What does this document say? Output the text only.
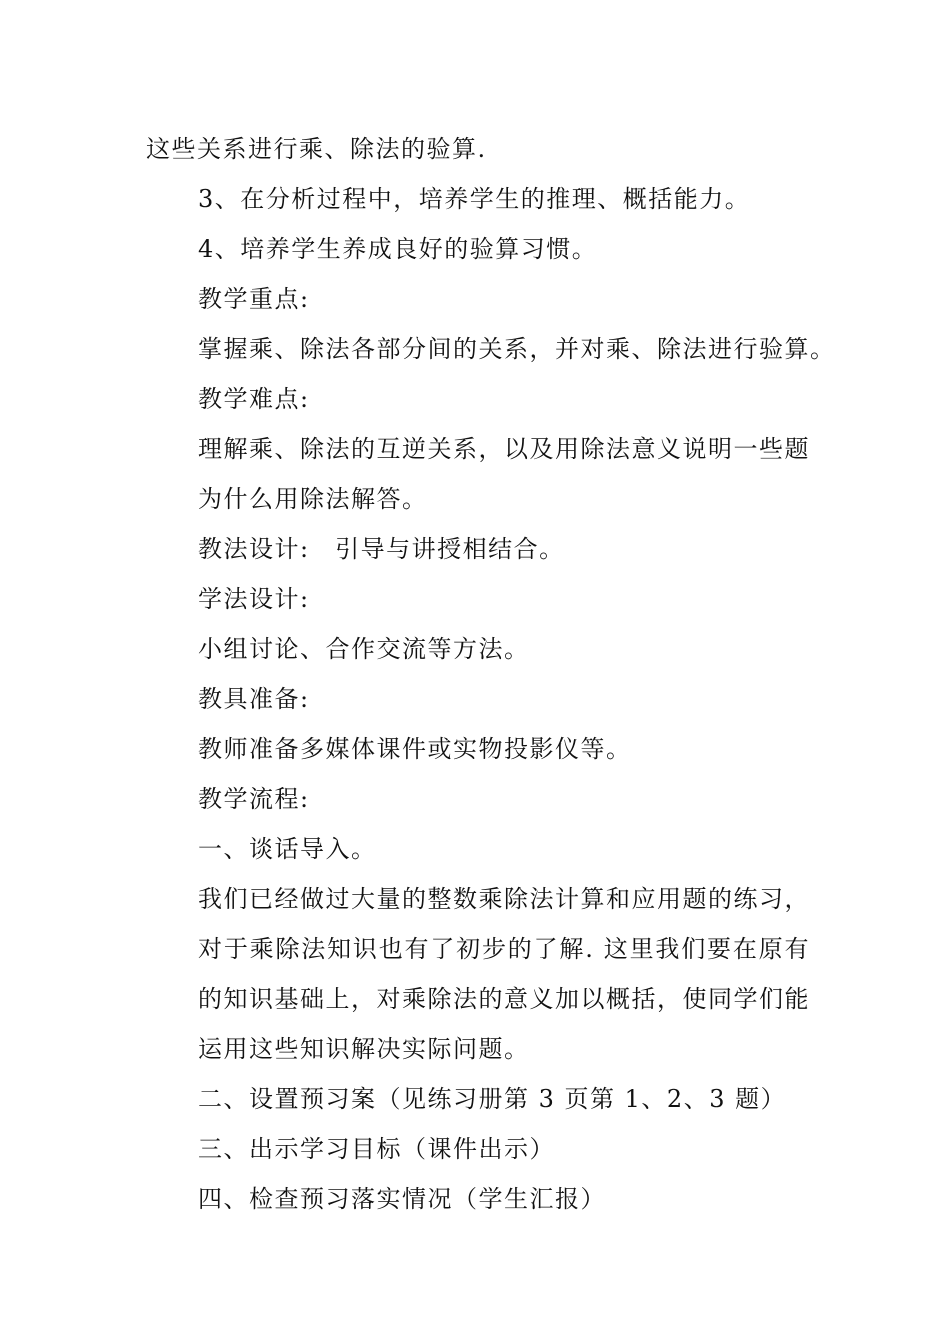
这些关系进行乘、除法的验算.

3、在分析过程中，培养学生的推理、概括能力。

4、培养学生养成良好的验算习惯。

教学重点:

掌握乘、除法各部分间的关系，并对乘、除法进行验算。

教学难点:

理解乘、除法的互逆关系，以及用除法意义说明一些题为什么用除法解答。

教法设计:　引导与讲授相结合。

学法设计:

小组讨论、合作交流等方法。

教具准备:

教师准备多媒体课件或实物投影仪等。

教学流程:

一、谈话导入。

我们已经做过大量的整数乘除法计算和应用题的练习，对于乘除法知识也有了初步的了解. 这里我们要在原有的知识基础上，对乘除法的意义加以概括，使同学们能运用这些知识解决实际问题。

二、设置预习案（见练习册第 3 页第 1、2、3 题）

三、出示学习目标（课件出示）

四、检查预习落实情况（学生汇报）
